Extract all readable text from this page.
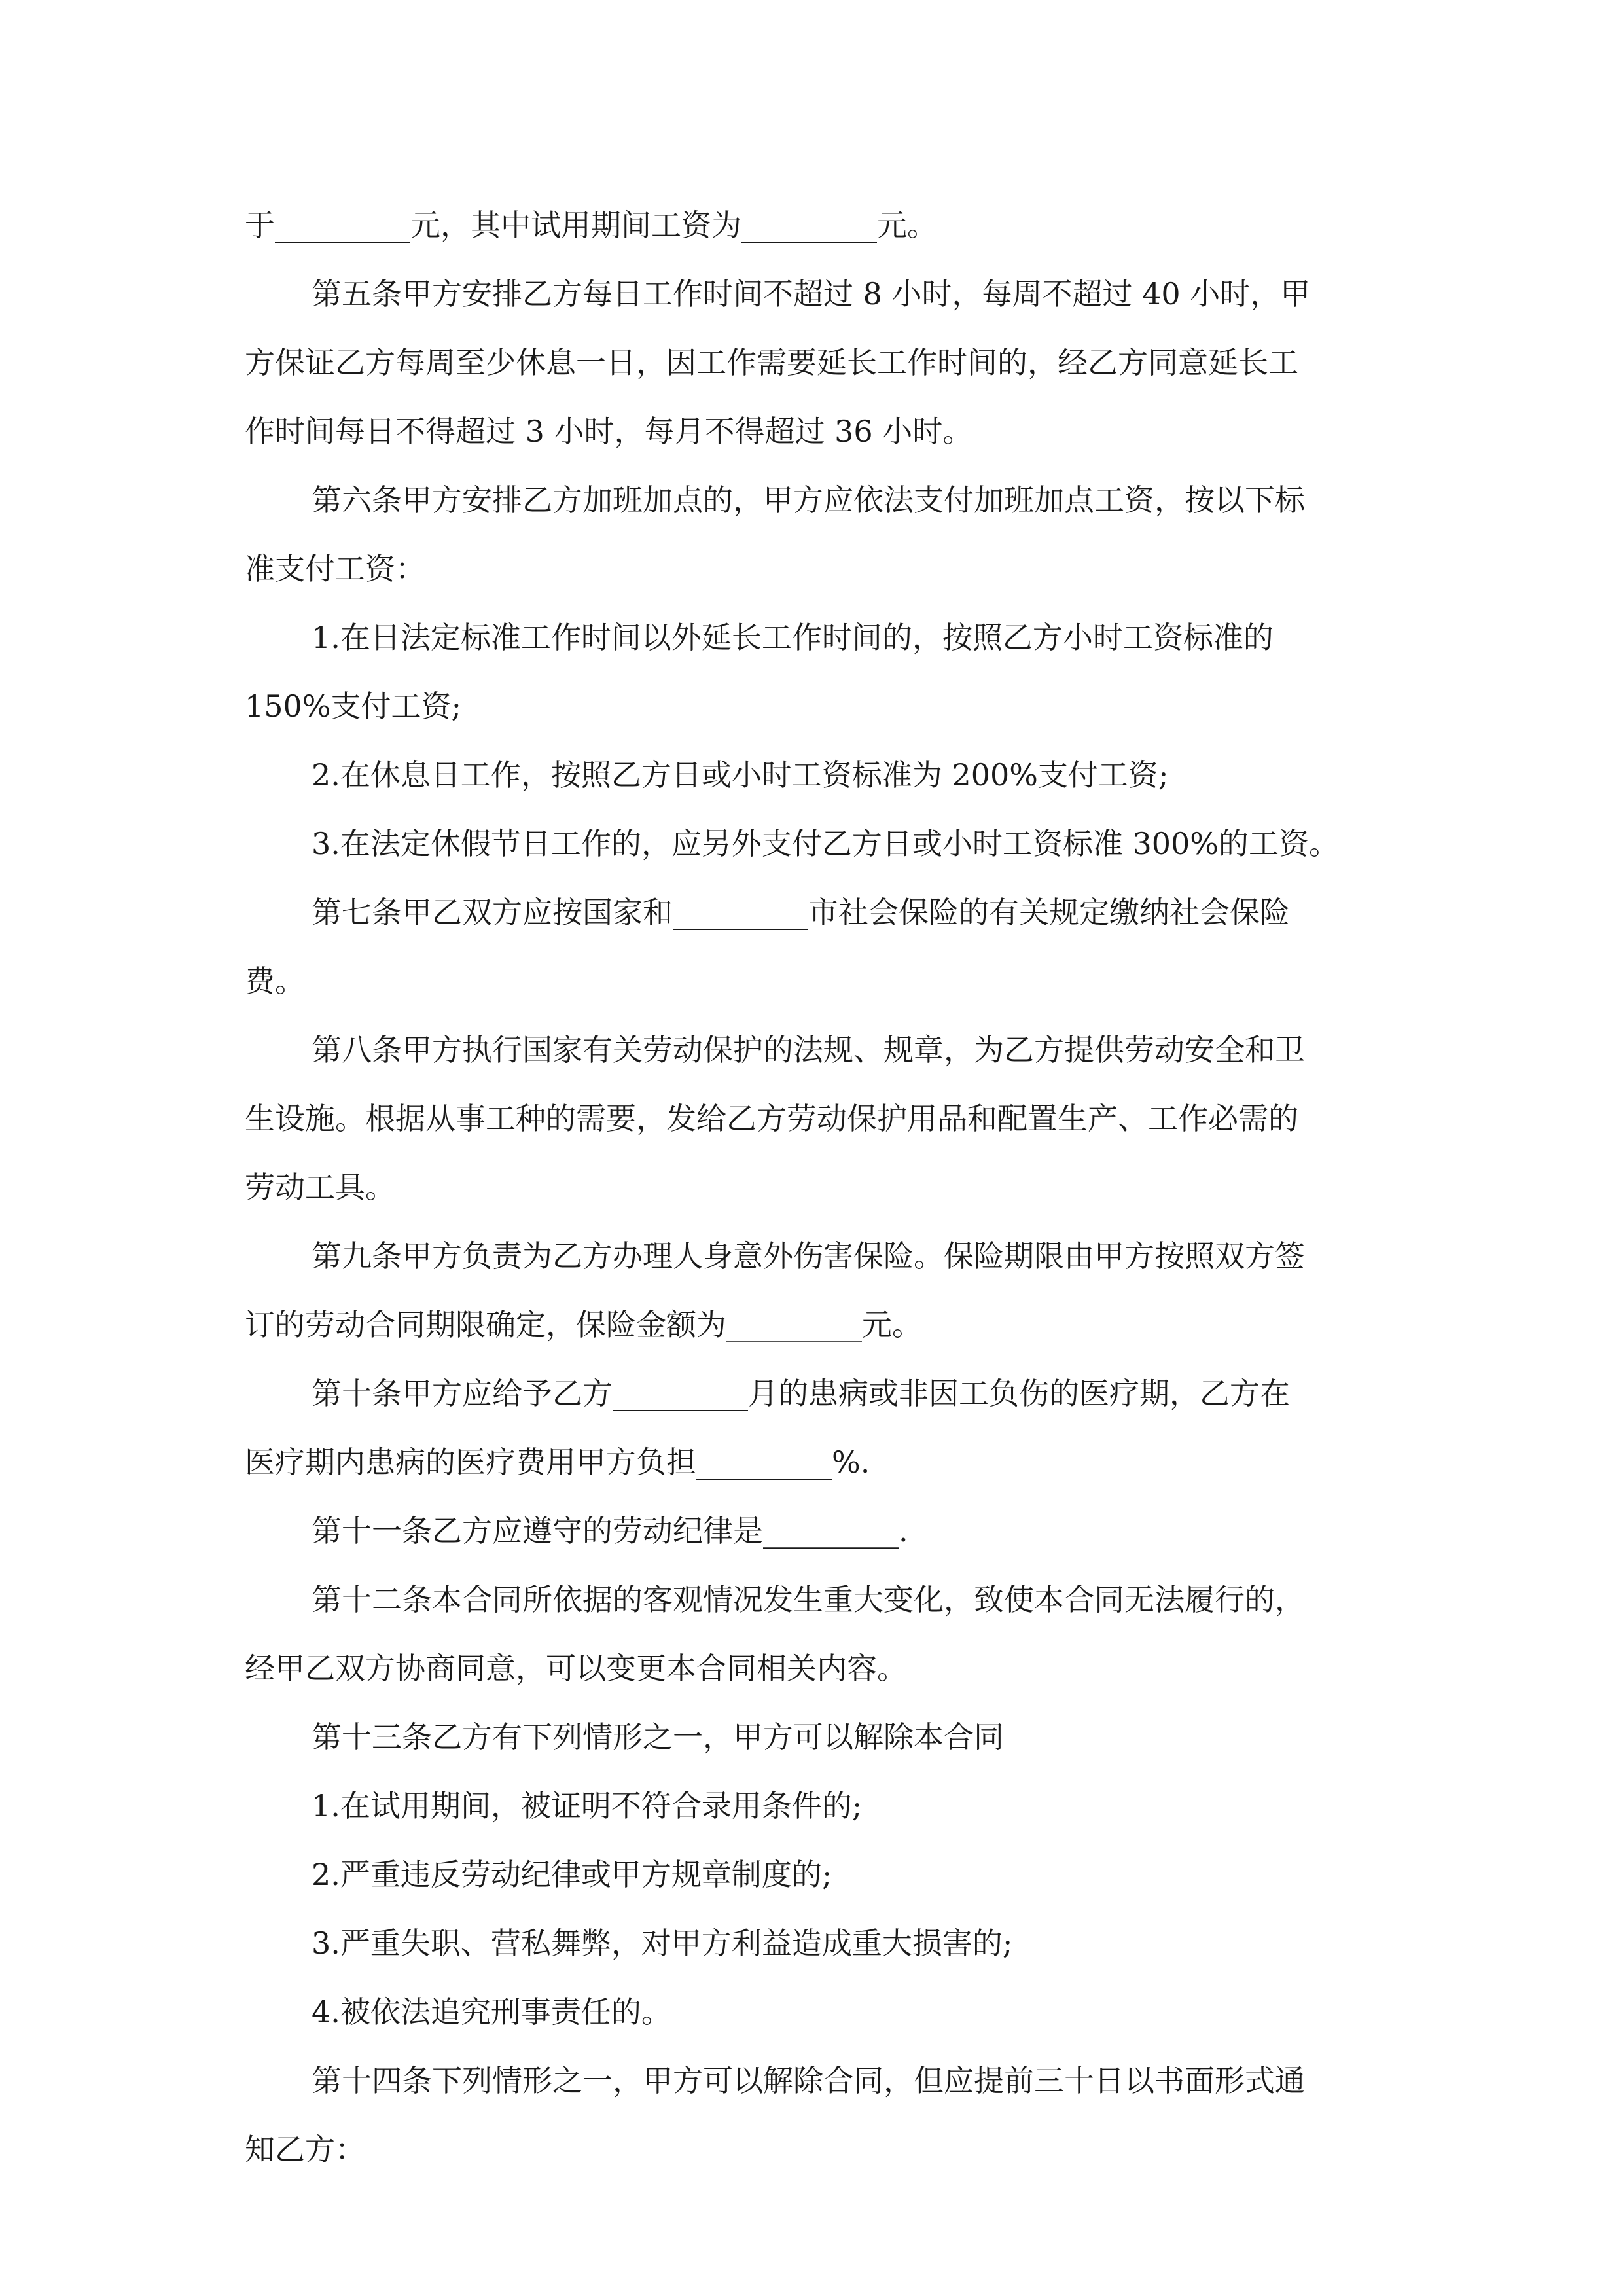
于_________元，其中试用期间工资为_________元。
第五条甲方安排乙方每日工作时间不超过 8 小时，每周不超过 40 小时，甲
方保证乙方每周至少休息一日，因工作需要延长工作时间的，经乙方同意延长工
作时间每日不得超过 3 小时，每月不得超过 36 小时。
第六条甲方安排乙方加班加点的，甲方应依法支付加班加点工资，按以下标
准支付工资：
1.在日法定标准工作时间以外延长工作时间的，按照乙方小时工资标准的
150%支付工资;
2.在休息日工作，按照乙方日或小时工资标准为 200%支付工资;
3.在法定休假节日工作的，应另外支付乙方日或小时工资标准 300%的工资。
第七条甲乙双方应按国家和_________市社会保险的有关规定缴纳社会保险
费。
第八条甲方执行国家有关劳动保护的法规、规章，为乙方提供劳动安全和卫
生设施。根据从事工种的需要，发给乙方劳动保护用品和配置生产、工作必需的
劳动工具。
第九条甲方负责为乙方办理人身意外伤害保险。保险期限由甲方按照双方签
订的劳动合同期限确定，保险金额为_________元。
第十条甲方应给予乙方_________月的患病或非因工负伤的医疗期，乙方在
医疗期内患病的医疗费用甲方负担_________%.
第十一条乙方应遵守的劳动纪律是_________.
第十二条本合同所依据的客观情况发生重大变化，致使本合同无法履行的，
经甲乙双方协商同意，可以变更本合同相关内容。
第十三条乙方有下列情形之一，甲方可以解除本合同
1.在试用期间，被证明不符合录用条件的;
2.严重违反劳动纪律或甲方规章制度的;
3.严重失职、营私舞弊，对甲方利益造成重大损害的;
4.被依法追究刑事责任的。
第十四条下列情形之一，甲方可以解除合同，但应提前三十日以书面形式通
知乙方：
